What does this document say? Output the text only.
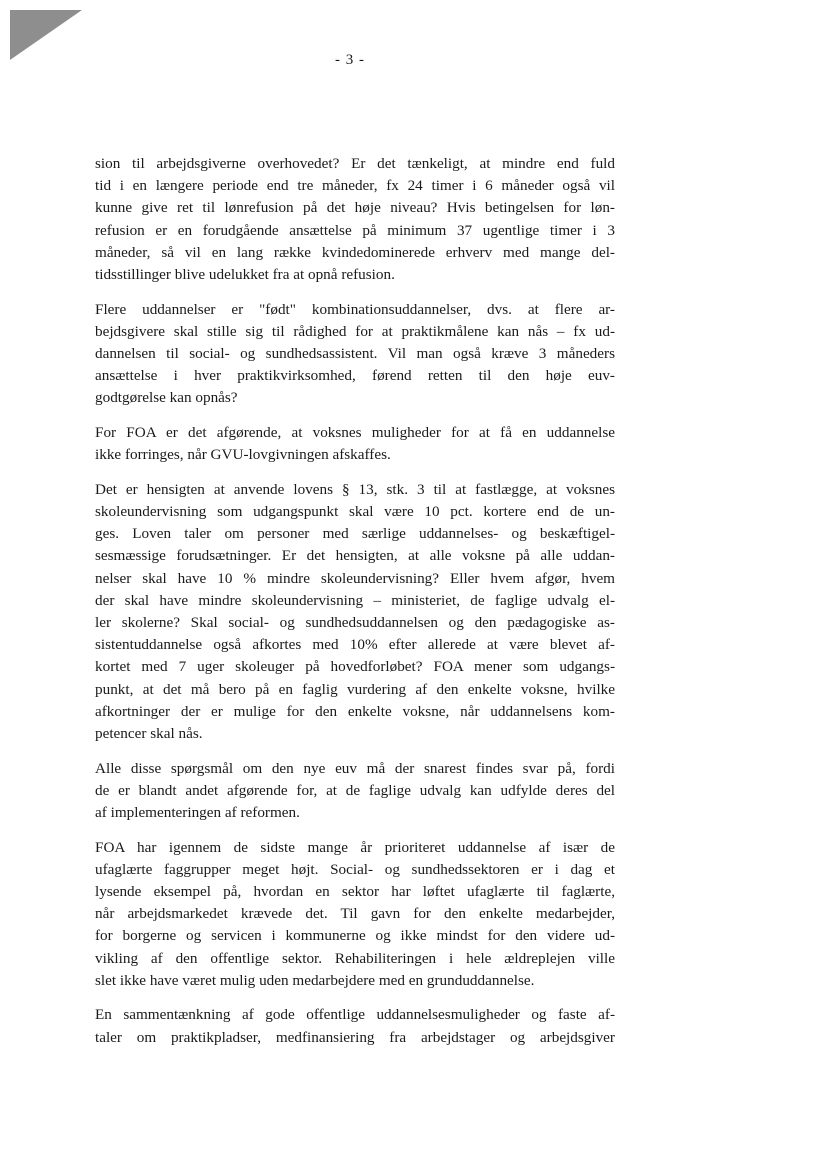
- 3 -
sion til arbejdsgiverne overhovedet? Er det tænkeligt, at mindre end fuld
tid i en længere periode end tre måneder, fx 24 timer i 6 måneder også vil
kunne give ret til lønrefusion på det høje niveau? Hvis betingelsen for løn-
refusion er en forudgående ansættelse på minimum 37 ugentlige timer i 3
måneder, så vil en lang række kvindedominerede erhverv med mange del-
tidsstillinger blive udelukket fra at opnå refusion.
Flere uddannelser er "født" kombinationsuddannelser, dvs. at flere ar-
bejdsgivere skal stille sig til rådighed for at praktikmålene kan nås – fx ud-
dannelsen til social- og sundhedsassistent. Vil man også kræve 3 måneders
ansættelse i hver praktikvirksomhed, førend retten til den høje euv-
godtgørelse kan opnås?
For FOA er det afgørende, at voksnes muligheder for at få en uddannelse
ikke forringes, når GVU-lovgivningen afskaffes.
Det er hensigten at anvende lovens § 13, stk. 3 til at fastlægge, at voksnes
skoleundervisning som udgangspunkt skal være 10 pct. kortere end de un-
ges. Loven taler om personer med særlige uddannelses- og beskæftigel-
sesmæssige forudsætninger. Er det hensigten, at alle voksne på alle uddan-
nelser skal have 10 % mindre skoleundervisning? Eller hvem afgør, hvem
der skal have mindre skoleundervisning – ministeriet, de faglige udvalg el-
ler skolerne? Skal social- og sundhedsuddannelsen og den pædagogiske as-
sistentuddannelse også afkortes med 10% efter allerede at være blevet af-
kortet med 7 uger skoleuger på hovedforløbet? FOA mener som udgangs-
punkt, at det må bero på en faglig vurdering af den enkelte voksne, hvilke
afkortninger der er mulige for den enkelte voksne, når uddannelsens kom-
petencer skal nås.
Alle disse spørgsmål om den nye euv må der snarest findes svar på, fordi
de er blandt andet afgørende for, at de faglige udvalg kan udfylde deres del
af implementeringen af reformen.
FOA har igennem de sidste mange år prioriteret uddannelse af især de
ufaglærte faggrupper meget højt. Social- og sundhedssektoren er i dag et
lysende eksempel på, hvordan en sektor har løftet ufaglærte til faglærte,
når arbejdsmarkedet krævede det. Til gavn for den enkelte medarbejder,
for borgerne og servicen i kommunerne og ikke mindst for den videre ud-
vikling af den offentlige sektor. Rehabiliteringen i hele ældreplejen ville
slet ikke have været mulig uden medarbejdere med en grunduddannelse.
En sammentænkning af gode offentlige uddannelsesmuligheder og faste af-
taler om praktikpladser, medfinansiering fra arbejdstager og arbejdsgiver
